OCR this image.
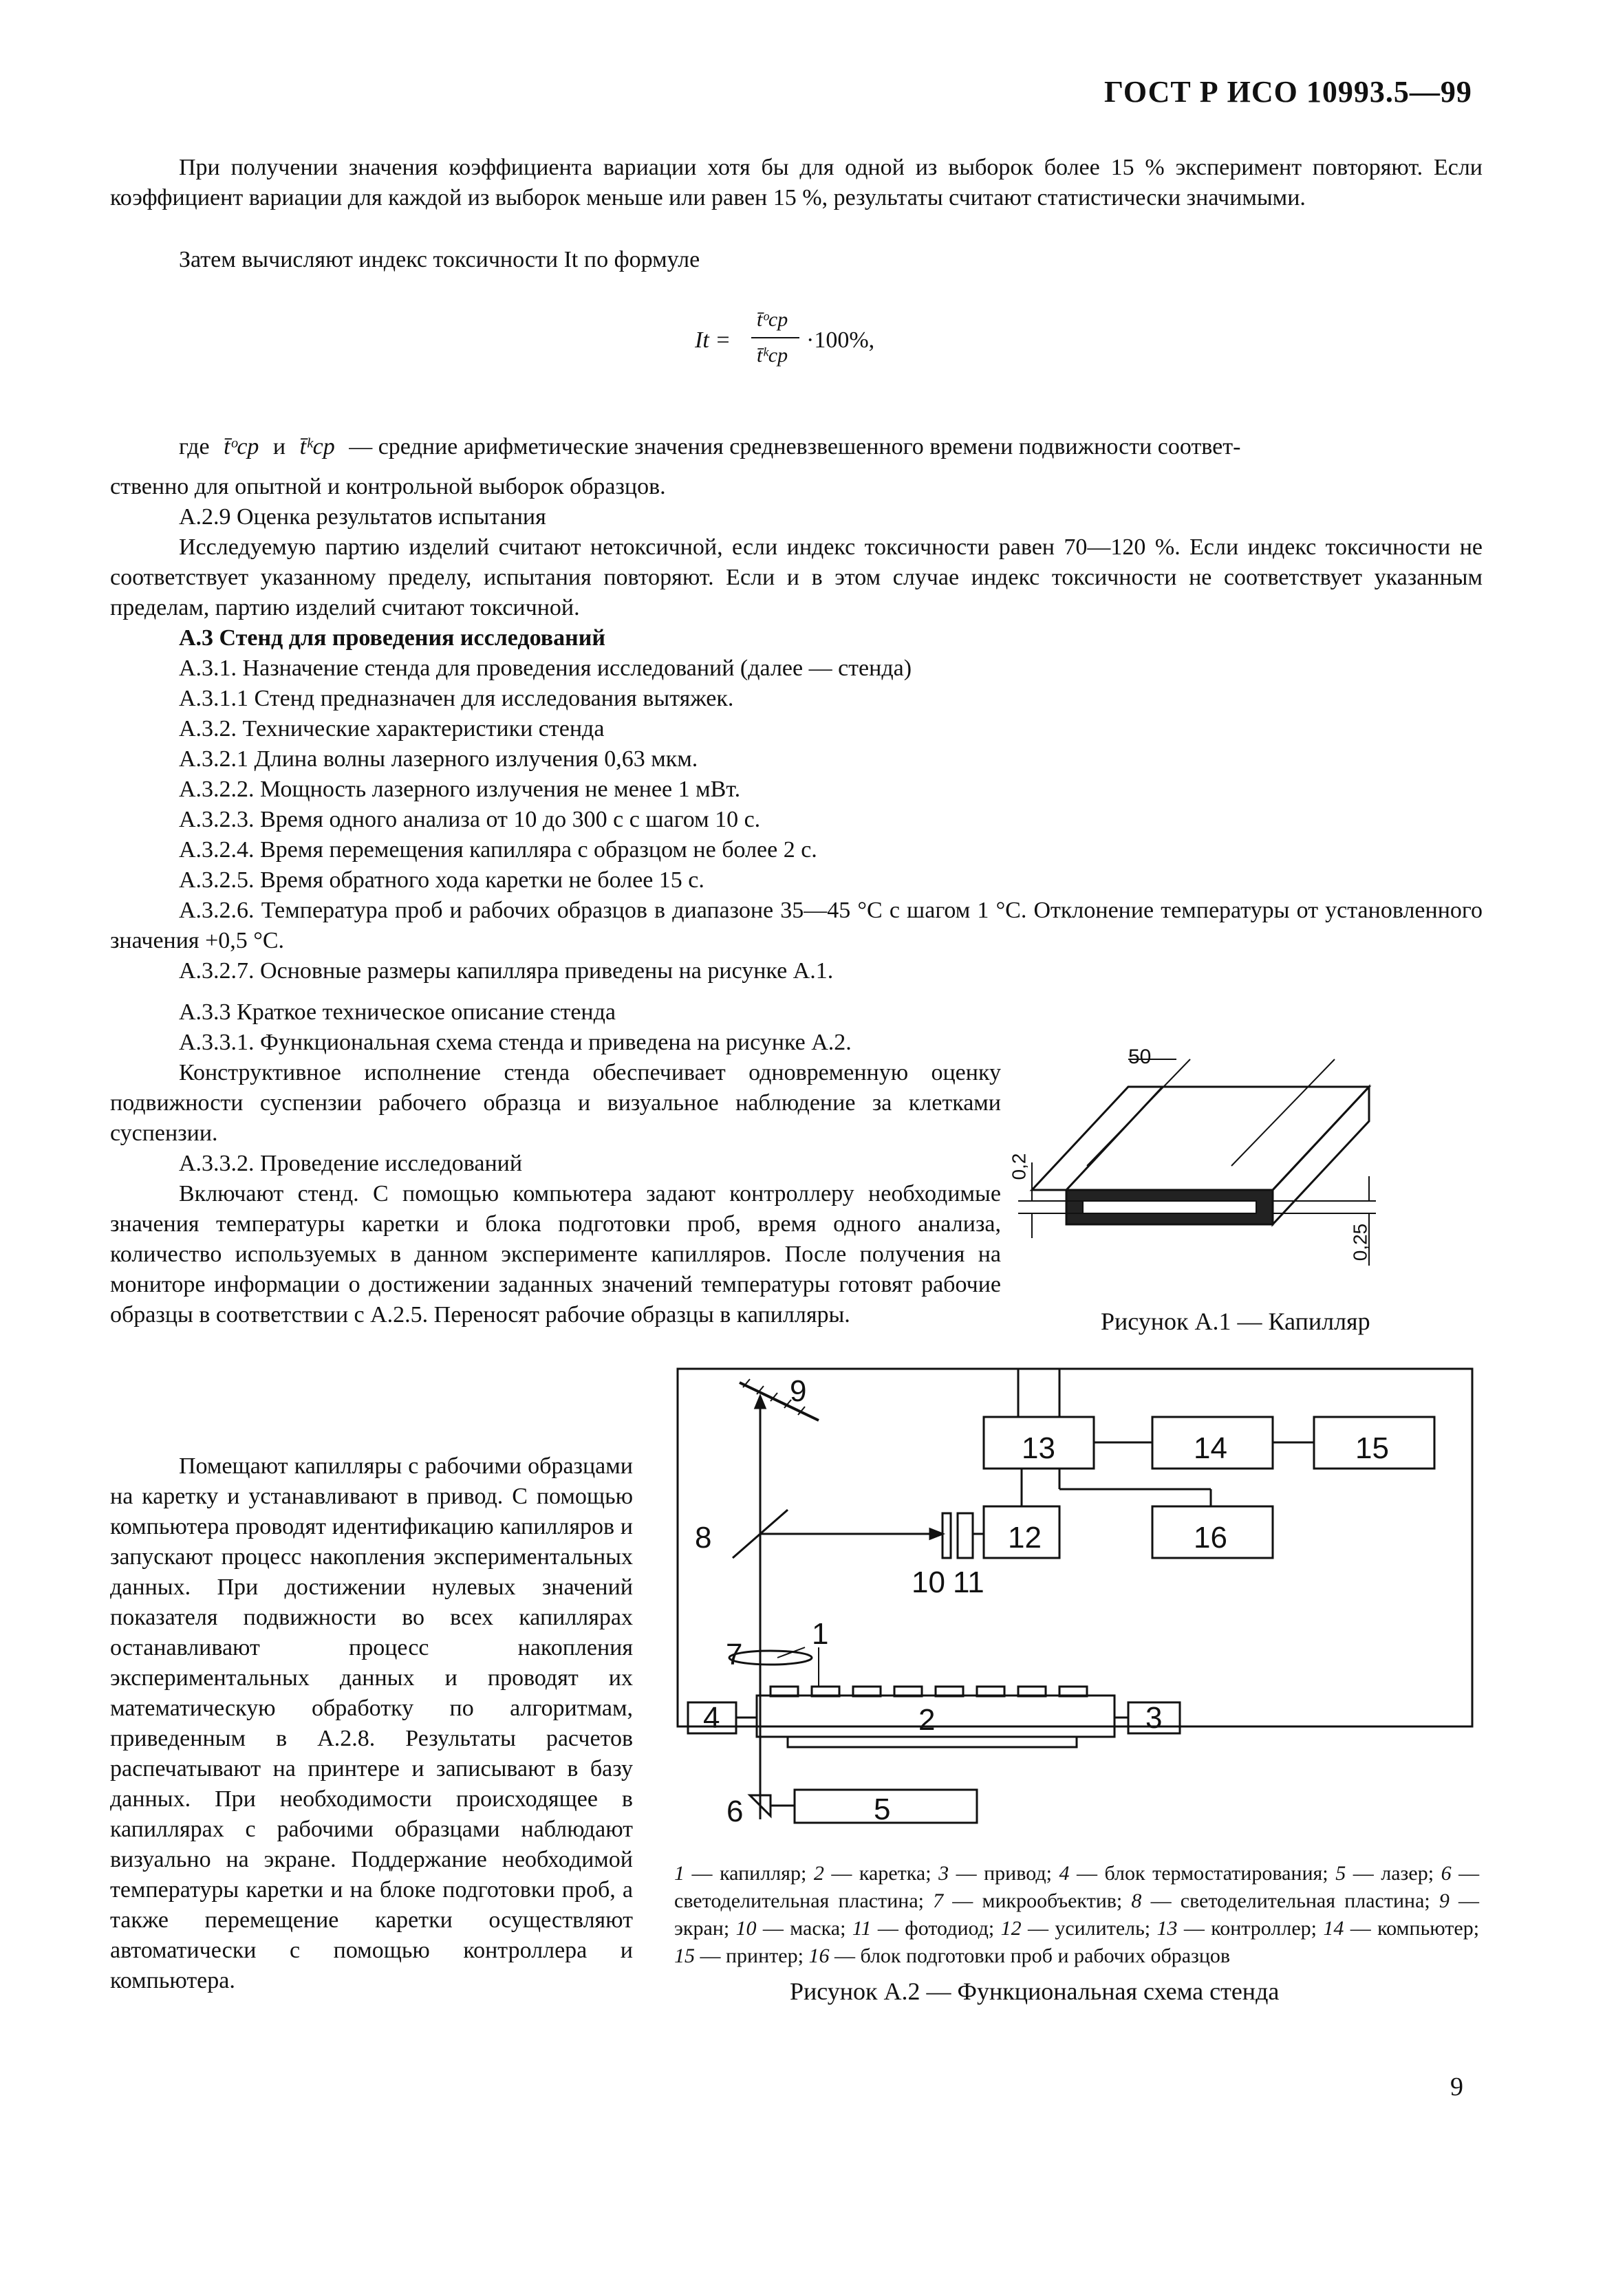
ГОСТ Р ИСО 10993.5—99
При получении значения коэффициента вариации хотя бы для одной из выборок более 15 % эксперимент повторяют. Если коэффициент вариации для каждой из выборок меньше или равен 15 %, результаты считают статистически значимыми.
Затем вычисляют индекс токсичности It по формуле
It =
t̄ᵒср
t̄ᵏср
·100%,
где t̄ᵒср и t̄ᵏср — средние арифметические значения средневзвешенного времени подвижности соответ-
ственно для опытной и контрольной выборок образцов.
А.2.9 Оценка результатов испытания
Исследуемую партию изделий считают нетоксичной, если индекс токсичности равен 70—120 %. Если индекс токсичности не соответствует указанному пределу, испытания повторяют. Если и в этом случае индекс токсичности не соответствует указанным пределам, партию изделий считают токсичной.
А.3 Стенд для проведения исследований
А.3.1. Назначение стенда для проведения исследований (далее — стенда)
А.3.1.1 Стенд предназначен для исследования вытяжек.
А.3.2. Технические характеристики стенда
А.3.2.1 Длина волны лазерного излучения 0,63 мкм.
А.3.2.2. Мощность лазерного излучения не менее 1 мВт.
А.3.2.3. Время одного анализа от 10 до 300 с с шагом 10 с.
А.3.2.4. Время перемещения капилляра с образцом не более 2 с.
А.3.2.5. Время обратного хода каретки не более 15 с.
А.3.2.6. Температура проб и рабочих образцов в диапазоне 35—45 °С с шагом 1 °С. Отклонение температуры от установленного значения +0,5 °С.
А.3.2.7. Основные размеры капилляра приведены на рисунке А.1.
А.3.3 Краткое техническое описание стенда
А.3.3.1. Функциональная схема стенда и приведена на рисунке А.2.
Конструктивное исполнение стенда обеспечивает одновременную оценку подвижности суспензии рабочего образца и визуальное наблюдение за клетками суспензии.
А.3.3.2. Проведение исследований
Включают стенд. С помощью компьютера задают контроллеру необходимые значения температуры каретки и блока подготовки проб, время одного анализа, количество используемых в данном эксперименте капилляров. После получения на мониторе информации о достижении заданных значений температуры готовят рабочие образцы в соответствии с А.2.5. Переносят рабочие образцы в капилляры.
Помещают капилляры с рабочими образцами на каретку и устанавливают в привод. С помощью компьютера проводят идентификацию капилляров и запускают процесс накопления экспериментальных данных. При достижении нулевых значений показателя подвижности во всех капиллярах останавливают процесс накопления экспериментальных данных и проводят их математическую обработку по алгоритмам, приведенным в А.2.8. Результаты расчетов распечатывают на принтере и записывают в базу данных. При необходимости происходящее в капиллярах с рабочими образцами наблюдают визуально на экране. Поддержание необходимой температуры каретки и на блоке подготовки проб, а также перемещение каретки осуществляют автоматически с помощью контроллера и компьютера.
50
0,2
0,25
Рисунок А.1 — Капилляр
9
13	14	15
12	16
8
10 11
7
1
2	3
4
6	5
1 — капилляр; 2 — каретка; 3 — привод; 4 — блок термостатирования; 5 — лазер; 6 — светоделительная пластина; 7 — микрообъектив; 8 — светоделительная пластина; 9 — экран; 10 — маска; 11 — фотодиод; 12 — усилитель; 13 — контроллер; 14 — компьютер; 15 — принтер; 16 — блок подготовки проб и рабочих образцов
Рисунок А.2 — Функциональная схема стенда
9
